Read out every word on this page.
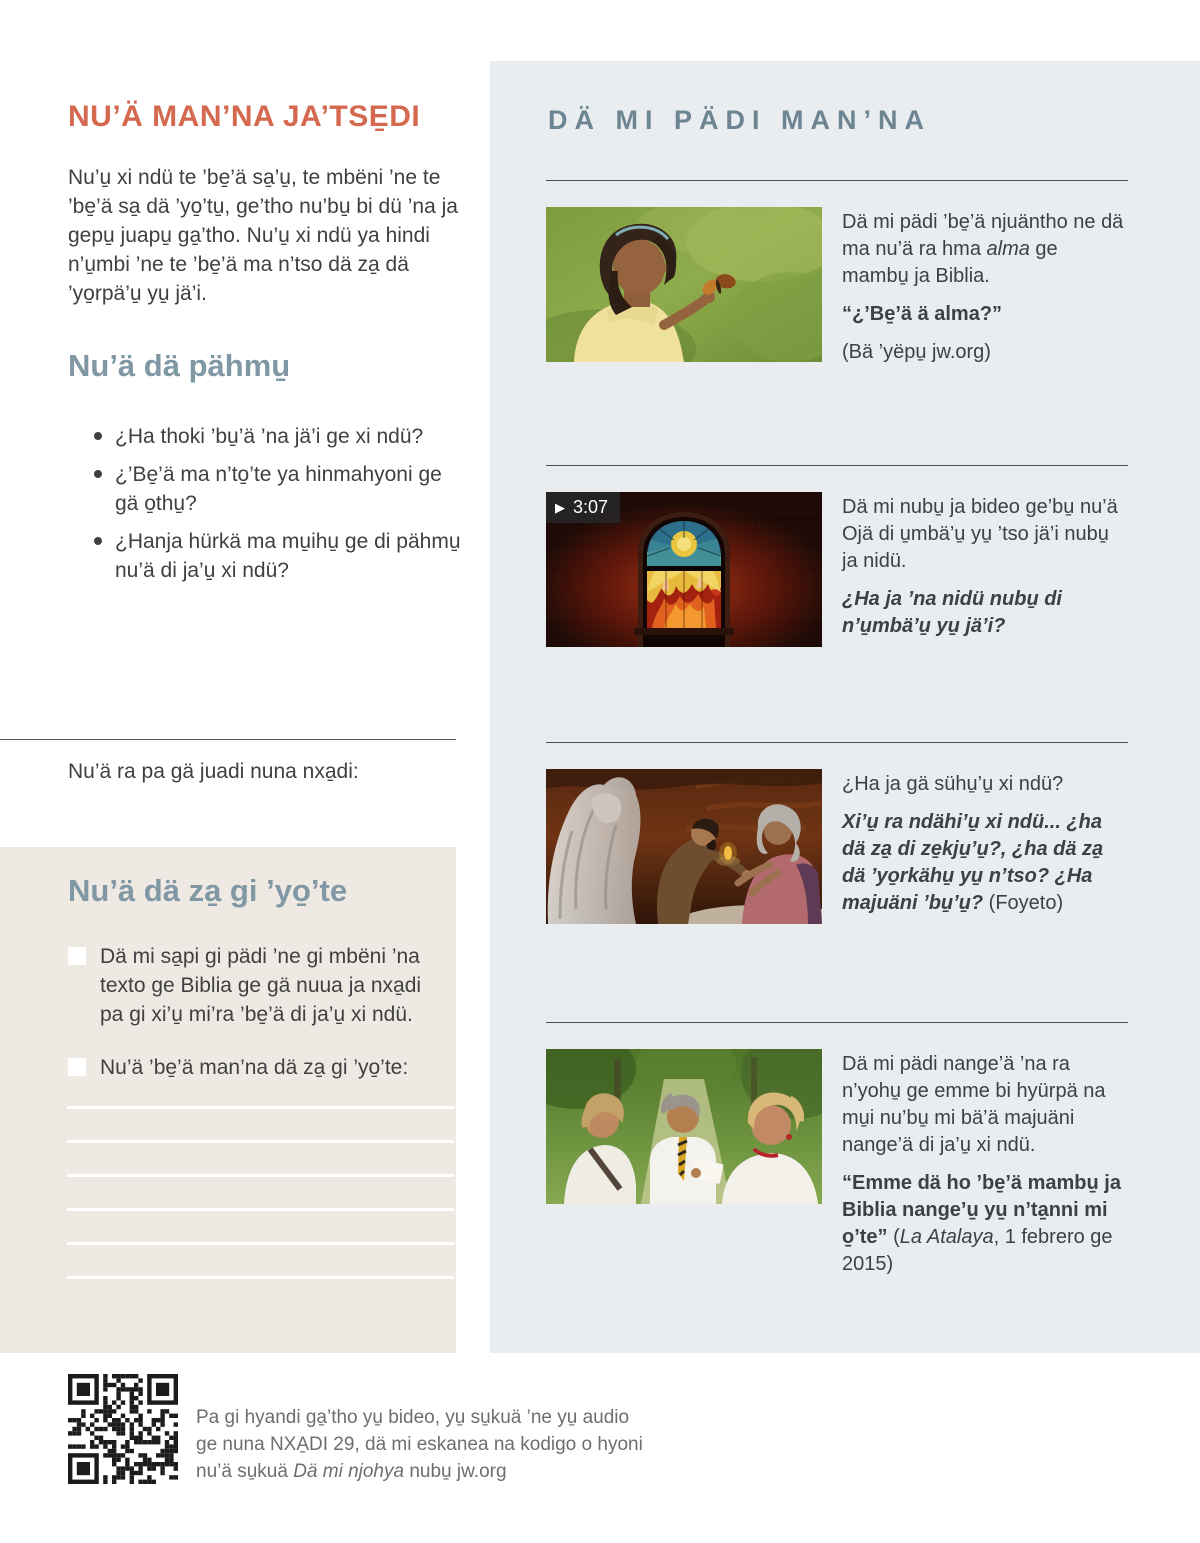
NU’Ä MAN’NA JA’TSE̱DI

Nu’u̱ xi ndü te ’be̱’ä sa̱’u̱, te mbëni ’ne te ’be̱’ä sa̱ dä ’yo̱’tu̱, ge’tho nu’bu̱ bi dü ’na ja gepu̱ juapu̱ ga̱’tho. Nu’u̱ xi ndü ya hindi n’u̱mbi ’ne te ’be̱’ä ma n’tso dä za̱ dä ’yo̱rpä’u̱ yu̱ jä’i.

Nu’ä dä pähmu̱
¿Ha thoki ’bu̱’ä ’na jä’i ge xi ndü?
¿’Be̱’ä ma n’to̱’te ya hinmahyoni ge gä o̱thu̱?
¿Hanja hürkä ma mu̱ihu̱ ge di pähmu̱ nu’ä di ja’u̱ xi ndü?

Nu’ä ra pa gä juadi nuna nxa̱di:

Nu’ä dä za̱ gi ’yo̱’te

Dä mi sa̱pi gi pädi ’ne gi mbëni ’na texto ge Biblia ge gä nuua ja nxa̱di pa gi xi’u̱ mi’ra ’be̱’ä di ja’u̱ xi ndü.

Nu’ä ’be̱’ä man’na dä za̱ gi ’yo̱’te:

DÄ MI PÄDI MAN’NA

Dä mi pädi ’be̱’ä njuäntho ne dä ma nu’ä ra hma alma ge mambu̱ ja Biblia.

“¿’Be̱’ä ä alma?”

(Bä ’yëpu̱ jw.org)

▶ 3:07	Dä mi nubu̱ ja bideo ge’bu̱ nu’ä Ojä di u̱mbä’u̱ yu̱ ’tso jä’i nubu̱ ja nidü.

¿Ha ja ’na nidü nubu̱ di n’u̱mbä’u̱ yu̱ jä’i?

¿Ha ja gä sühu̱’u̱ xi ndü?

Xi’u̱ ra ndähi’u̱ xi ndü... ¿ha dä za̱ di ze̱kju̱’u̱?, ¿ha dä za̱ dä ’yo̱rkähu̱ yu̱ n’tso? ¿Ha majuäni ’bu̱’u̱? (Foyeto)

Dä mi pädi nange’ä ’na ra n’yohu̱ ge emme bi hyürpä na mu̱i nu’bu̱ mi bä’ä majuäni nange’ä di ja’u̱ xi ndü.

“Emme dä ho ’be̱’ä mambu̱ ja Biblia nange’u̱ yu̱ n’ta̱nni mi o̱’te” (La Atalaya, 1 febrero ge 2015)

Pa gi hyandi ga̱’tho yu̱ bideo, yu̱ su̱kuä ’ne yu̱ audio ge nuna NXA̱DI 29, dä mi eskanea na kodigo o hyoni nu’ä su̱kuä Dä mi njohya nubu̱ jw.org
